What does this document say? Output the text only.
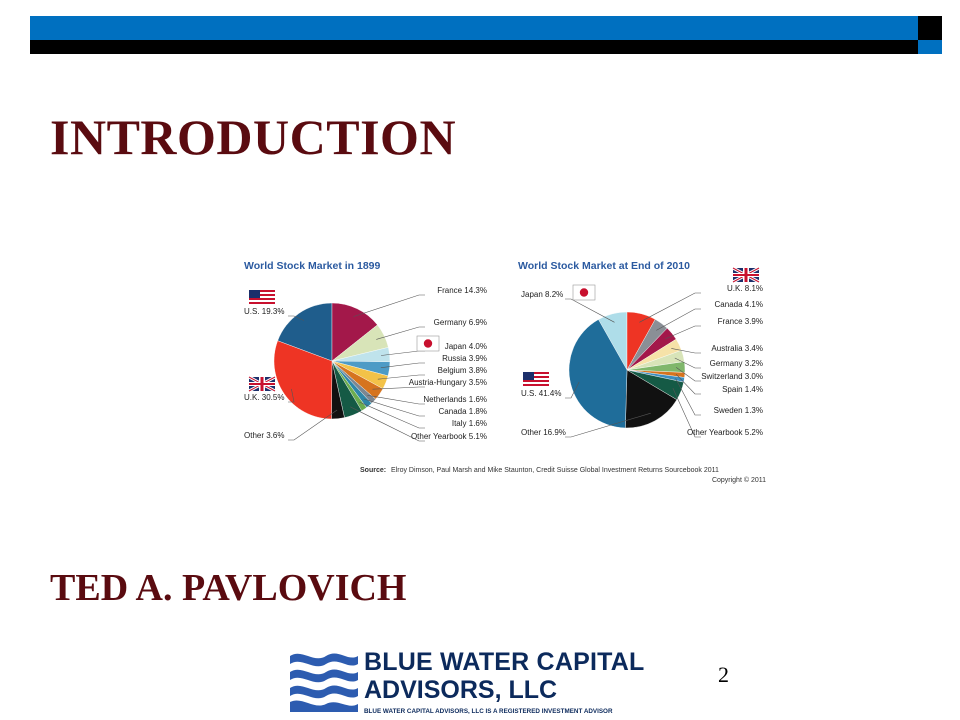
INTRODUCTION
World Stock Market in 1899	World Stock Market at End of 2010
U.S. 19.3%
France 14.3%
Germany 6.9%
Japan 4.0%
Russia 3.9%
Belgium 3.8%
Austria-Hungary 3.5%
Netherlands 1.6%
Canada 1.8%
Italy 1.6%
Other Yearbook 5.1%
Other 3.6%
U.K. 30.5%
Japan 8.2%
U.K. 8.1%
Canada 4.1%
France 3.9%
Australia 3.4%
Germany 3.2%
Switzerland 3.0%
Spain 1.4%
Sweden 1.3%
Other Yearbook 5.2%
Other 16.9%
U.S. 41.4%
Source: Elroy Dimson, Paul Marsh and Mike Staunton, Credit Suisse Global Investment Returns Sourcebook 2011
Copyright © 2011
TED A. PAVLOVICH
BLUE WATER CAPITAL
ADVISORS, LLC
BLUE WATER CAPITAL ADVISORS, LLC IS A REGISTERED INVESTMENT ADVISOR
2
